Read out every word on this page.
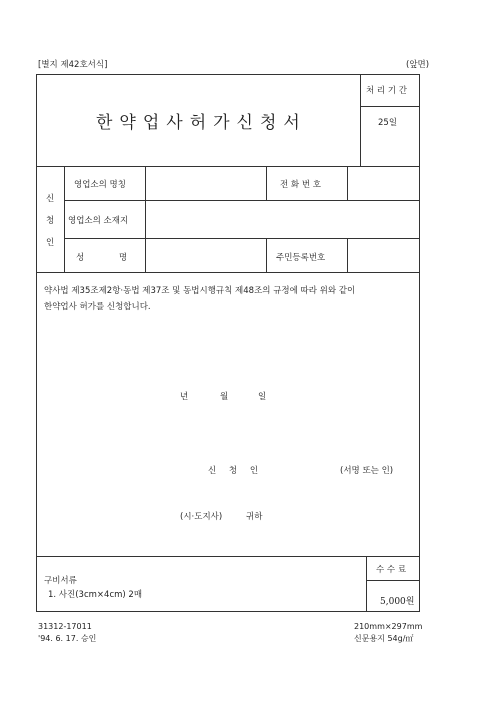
[별지 제42호서식]	(앞면)
한약업사허가신청서
처 리 기 간
25일
신
청
인
영업소의 명칭	전 화 번 호
영업소의 소재지
성 명	주민등록번호
약사법 제35조제2항·동법 제37조 및 동법시행규칙 제48조의 규정에 따라 위와 같이
한약업사 허가를 신청합니다.
년	월	일
신 청 인	(서명 또는 인)
(시·도지사)	귀하
구비서류
1. 사진(3cm×4cm) 2매
수 수 료
5,000원
31312-17011
'94. 6. 17. 승인
210mm×297mm
신문용지 54g/㎡
